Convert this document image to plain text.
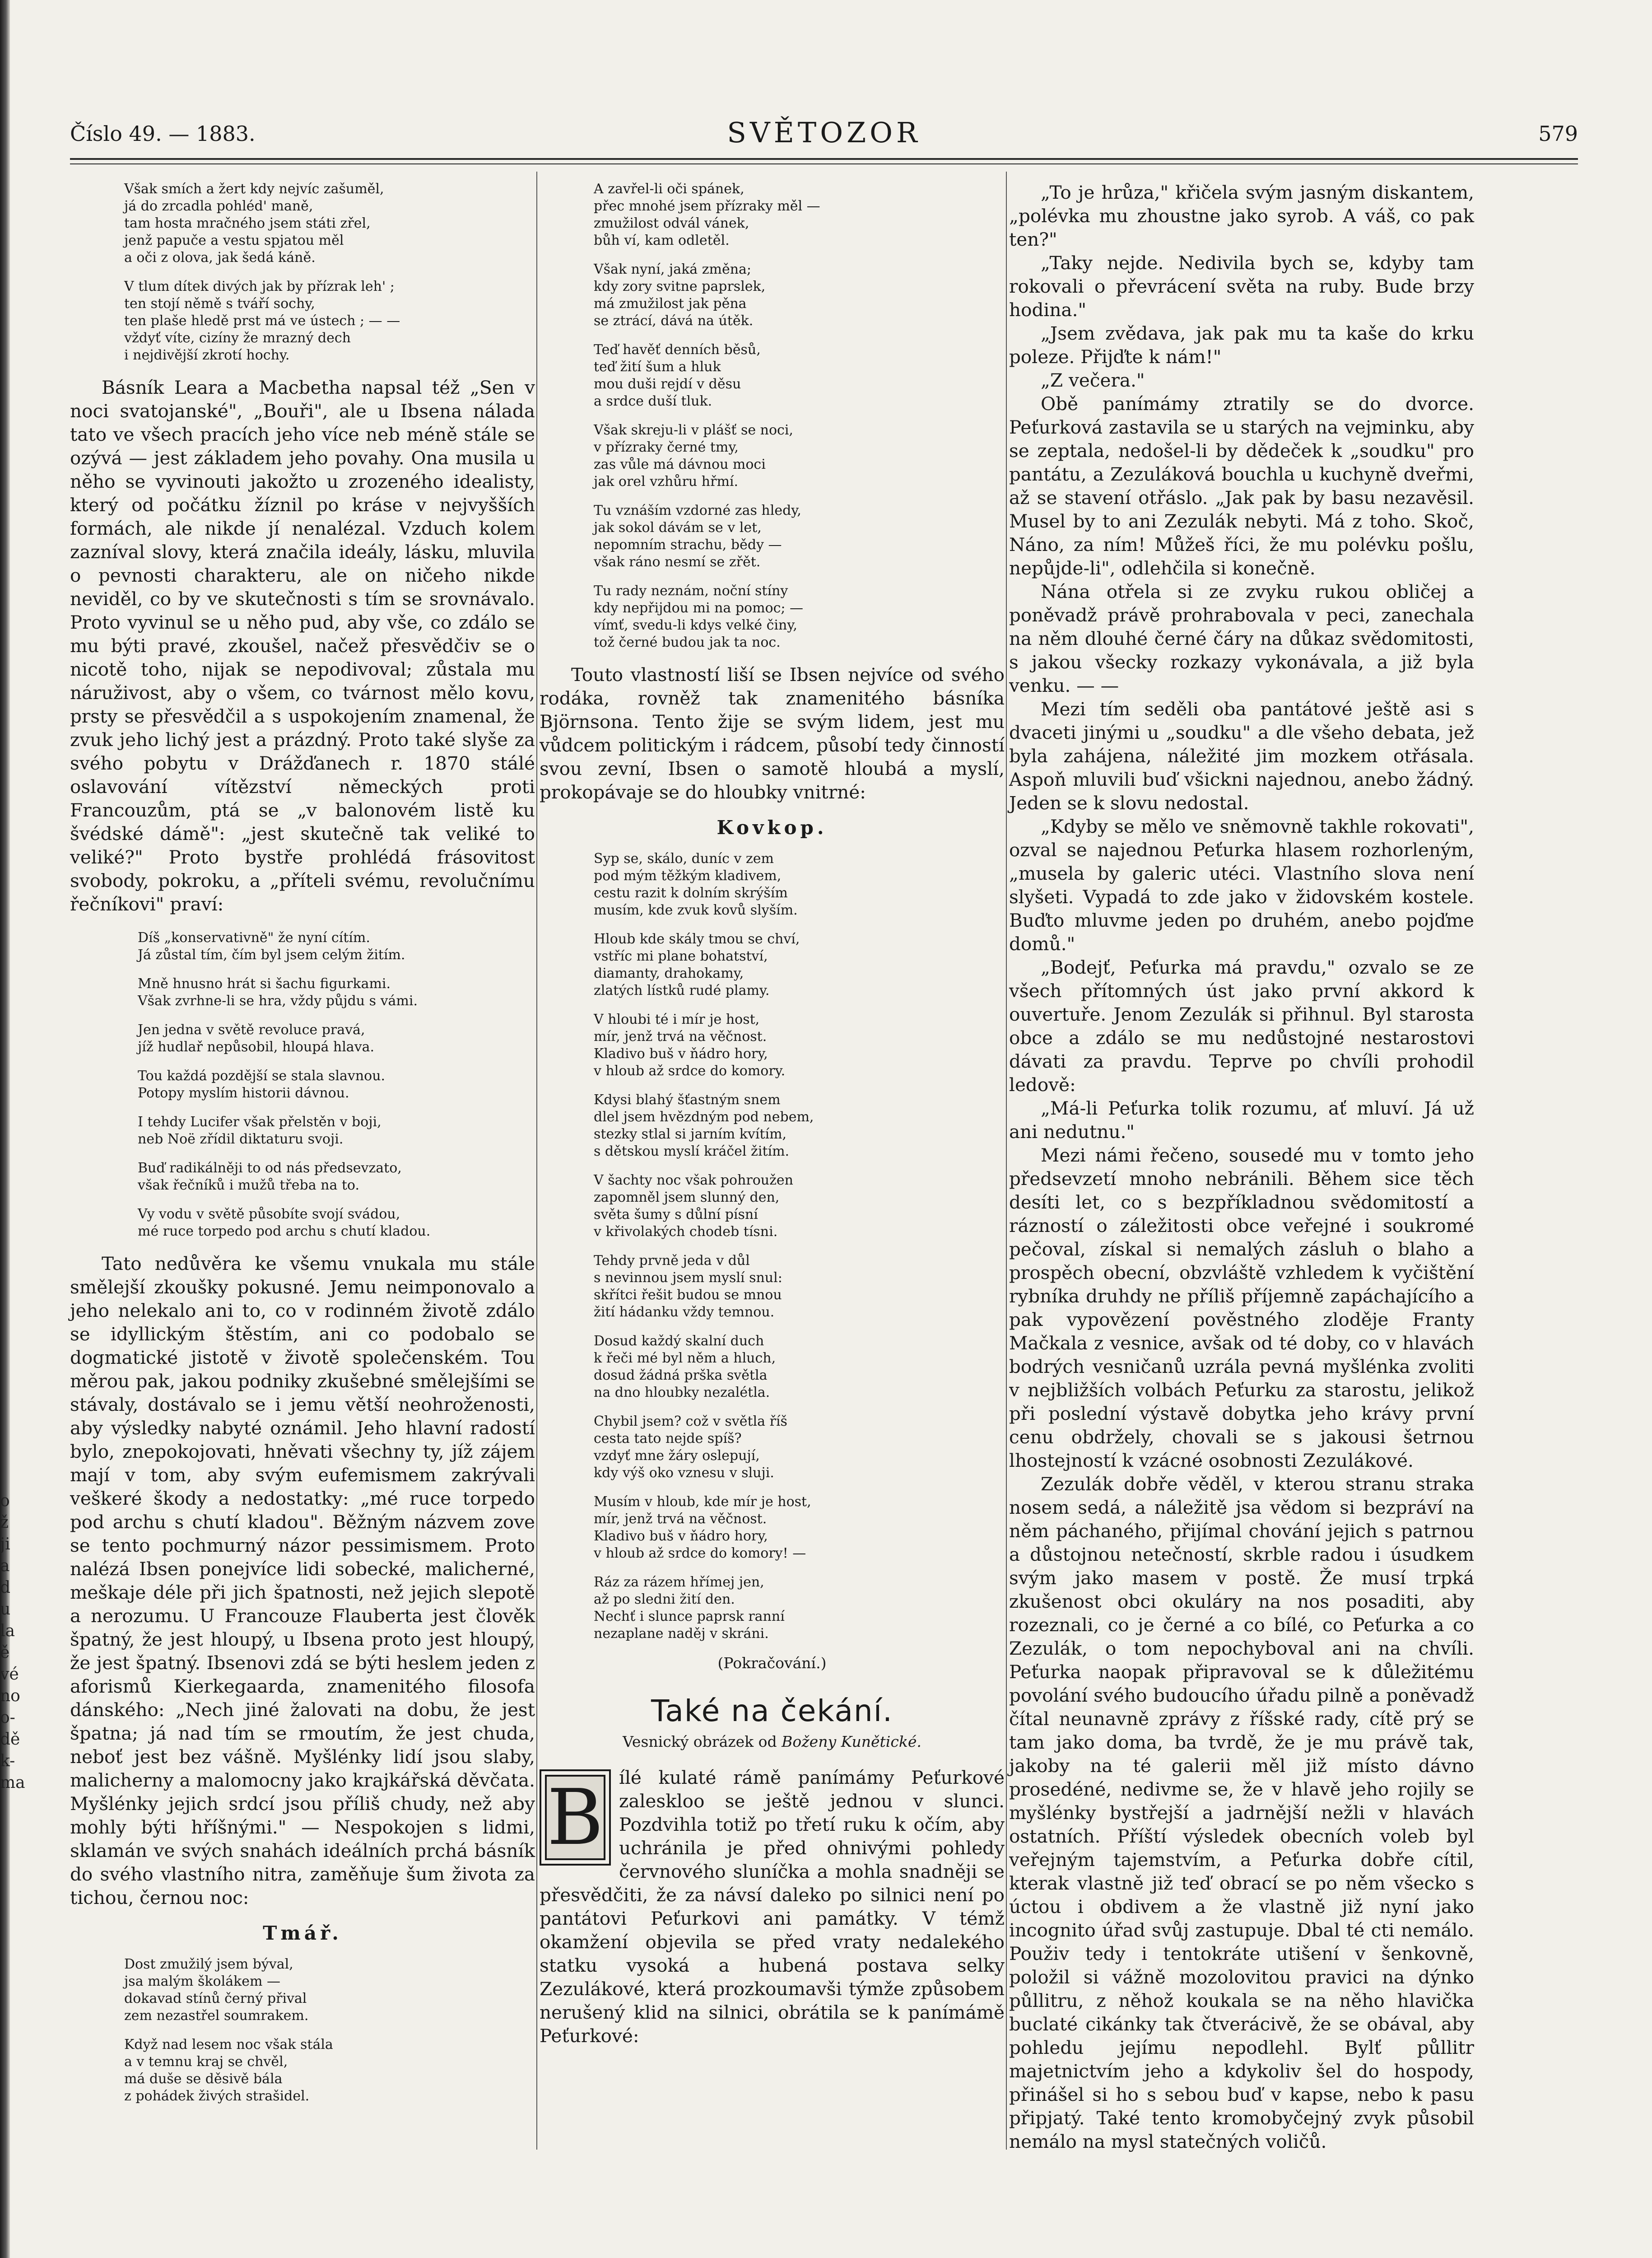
o
ž
ji
a
d
u
la
ě
vé
no
o-
dě
k-
ma
Číslo 49. — 1883.	SVĚTOZOR	579

Však smích a žert kdy nejvíc zašuměl,
já do zrcadla pohléd' maně,
tam hosta mračného jsem státi zřel,
jenž papuče a vestu spjatou měl
a oči z olova, jak šedá káně.

V tlum dítek divých jak by přízrak leh' ;
ten stojí němě s tváří sochy,
ten plaše hledě prst má ve ústech ; — —
vždyť víte, cizíny že mrazný dech
i nejdivější zkrotí hochy.

Básník Leara a Macbetha napsal též „Sen v noci svatojanské", „Bouři", ale u Ibsena nálada tato ve všech pracích jeho více neb méně stále se ozývá — jest základem jeho povahy. Ona musila u něho se vyvinouti jakožto u zrozeného idealisty, který od počátku žíznil po kráse v nejvyšších formách, ale nikde jí nenalézal. Vzduch kolem zazníval slovy, která značila ideály, lásku, mluvila o pevnosti charakteru, ale on ničeho nikde neviděl, co by ve skutečnosti s tím se srovnávalo. Proto vyvinul se u něho pud, aby vše, co zdálo se mu býti pravé, zkoušel, načež přesvědčiv se o nicotě toho, nijak se nepodivoval; zůstala mu náruživost, aby o všem, co tvárnost mělo kovu, prsty se přesvědčil a s uspokojením znamenal, že zvuk jeho lichý jest a prázdný. Proto také slyše za svého pobytu v Drážďanech r. 1870 stálé oslavování vítězství německých proti Francouzům, ptá se „v balonovém listě ku švédské dámě": „jest skutečně tak veliké to veliké?" Proto bystře prohlédá frásovitost svobody, pokroku, a „příteli svému, revolučnímu řečníkovi" praví:

Díš „konservativně" že nyní cítím.
Já zůstal tím, čím byl jsem celým žitím.

Mně hnusno hrát si šachu figurkami.
Však zvrhne-li se hra, vždy půjdu s vámi.

Jen jedna v světě revoluce pravá,
jíž hudlař nepůsobil, hloupá hlava.

Tou každá pozdější se stala slavnou.
Potopy myslím historii dávnou.

I tehdy Lucifer však přelstěn v boji,
neb Noë zřídil diktaturu svoji.

Buď radikálněji to od nás předsevzato,
však řečníků i mužů třeba na to.

Vy vodu v světě působíte svojí svádou,
mé ruce torpedo pod archu s chutí kladou.

Tato nedůvěra ke všemu vnukala mu stále smělejší zkoušky pokusné. Jemu neimponovalo a jeho nelekalo ani to, co v rodinném životě zdálo se idyllickým štěstím, ani co podobalo se dogmatické jistotě v životě společenském. Tou měrou pak, jakou podniky zkušebné smělejšími se stávaly, dostávalo se i jemu větší neohroženosti, aby výsledky nabyté oznámil. Jeho hlavní radostí bylo, znepokojovati, hněvati všechny ty, jíž zájem mají v tom, aby svým eufemismem zakrývali veškeré škody a nedostatky: „mé ruce torpedo pod archu s chutí kladou". Běžným názvem zove se tento pochmurný názor pessimismem. Proto nalézá Ibsen ponejvíce lidi sobecké, malicherné, meškaje déle při jich špatnosti, než jejich slepotě a nerozumu. U Francouze Flauberta jest člověk špatný, že jest hloupý, u Ibsena proto jest hloupý, že jest špatný. Ibsenovi zdá se býti heslem jeden z aforismů Kierkegaarda, znamenitého filosofa dánského: „Nech jiné žalovati na dobu, že jest špatna; já nad tím se rmoutím, že jest chuda, neboť jest bez vášně. Myšlénky lidí jsou slaby, malicherny a malomocny jako krajkářská děvčata. Myšlénky jejich srdcí jsou příliš chudy, než aby mohly býti hříšnými." — Nespokojen s lidmi, sklamán ve svých snahách ideálních prchá básník do svého vlastního nitra, zaměňuje šum života za tichou, černou noc:

Tmář.

Dost zmužilý jsem býval,
jsa malým školákem —
dokavad stínů černý přival
zem nezastřel soumrakem.

Když nad lesem noc však stála
a v temnu kraj se chvěl,
má duše se děsivě bála
z pohádek živých strašidel.

A zavřel-li oči spánek,
přec mnohé jsem přízraky měl —
zmužilost odvál vánek,
bůh ví, kam odletěl.

Však nyní, jaká změna;
kdy zory svitne paprslek,
má zmužilost jak pěna
se ztrácí, dává na útěk.

Teď havěť denních běsů,
teď žití šum a hluk
mou duši rejdí v děsu
a srdce duší tluk.

Však skreju-li v plášť se noci,
v přízraky černé tmy,
zas vůle má dávnou moci
jak orel vzhůru hřmí.

Tu vznáším vzdorné zas hledy,
jak sokol dávám se v let,
nepomním strachu, bědy —
však ráno nesmí se zřět.

Tu rady neznám, noční stíny
kdy nepřijdou mi na pomoc; —
vímť, svedu-li kdys velké činy,
tož černé budou jak ta noc.

Touto vlastností liší se Ibsen nejvíce od svého rodáka, rovněž tak znamenitého básníka Björnsona. Tento žije se svým lidem, jest mu vůdcem politickým i rádcem, působí tedy činností svou zevní, Ibsen o samotě hloubá a myslí, prokopávaje se do hloubky vnitrné:

Kovkop.

Syp se, skálo, duníc v zem
pod mým těžkým kladivem,
cestu razit k dolním skrýším
musím, kde zvuk kovů slyším.

Hloub kde skály tmou se chví,
vstříc mi plane bohatství,
diamanty, drahokamy,
zlatých lístků rudé plamy.

V hloubi té i mír je host,
mír, jenž trvá na věčnost.
Kladivo buš v ňádro hory,
v hloub až srdce do komory.

Kdysi blahý šťastným snem
dlel jsem hvězdným pod nebem,
stezky stlal si jarním kvítím,
s dětskou myslí kráčel žitím.

V šachty noc však pohroužen
zapomněl jsem slunný den,
světa šumy s důlní písní
v křivolakých chodeb tísni.

Tehdy prvně jeda v důl
s nevinnou jsem myslí snul:
skřítci řešit budou se mnou
žití hádanku vždy temnou.

Dosud každý skalní duch
k řeči mé byl něm a hluch,
dosud žádná prška světla
na dno hloubky nezalétla.

Chybil jsem? což v světla říš
cesta tato nejde spíš?
vzdyť mne žáry oslepují,
kdy výš oko vznesu v sluji.

Musím v hloub, kde mír je host,
mír, jenž trvá na věčnost.
Kladivo buš v ňádro hory,
v hloub až srdce do komory! —

Ráz za rázem hřímej jen,
až po sledni žití den.
Nechť i slunce paprsk ranní
nezaplane naděj v skráni.

(Pokračování.)
Také na čekání.
Vesnický obrázek od Boženy Kunětické.
B ílé kulaté rámě panímámy Peťurkové zaleskloo se ještě jednou v slunci. Pozdvihla totiž po třetí ruku k očím, aby uchránila je před ohnivými pohledy červnového sluníčka a mohla snadněji se přesvědčiti, že za návsí daleko po silnici není po pantátovi Peťurkovi ani památky. V témž okamžení objevila se před vraty nedalekého statku vysoká a hubená postava selky Zezulákové, která prozkoumavši týmže způsobem nerušený klid na silnici, obrátila se k panímámě Peťurkové:

„To je hrůza," křičela svým jasným diskantem, „polévka mu zhoustne jako syrob. A váš, co pak ten?"

„Taky nejde. Nedivila bych se, kdyby tam rokovali o převrácení světa na ruby. Bude brzy hodina."

„Jsem zvědava, jak pak mu ta kaše do krku poleze. Přijďte k nám!"

„Z večera."

Obě panímámy ztratily se do dvorce. Peťurková zastavila se u starých na vejminku, aby se zeptala, nedošel-li by dědeček k „soudku" pro pantátu, a Zezuláková bouchla u kuchyně dveřmi, až se stavení otřáslo. „Jak pak by basu nezavěsil. Musel by to ani Zezulák nebyti. Má z toho. Skoč, Náno, za ním! Můžeš říci, že mu polévku pošlu, nepůjde-li", odlehčila si konečně.

Nána otřela si ze zvyku rukou obličej a poněvadž právě prohrabovala v peci, zanechala na něm dlouhé černé čáry na důkaz svědomitosti, s jakou všecky rozkazy vykonávala, a již byla venku. — —

Mezi tím seděli oba pantátové ještě asi s dvaceti jinými u „soudku" a dle všeho debata, jež byla zahájena, náležité jim mozkem otřásala. Aspoň mluvili buď všickni najednou, anebo žádný. Jeden se k slovu nedostal.

„Kdyby se mělo ve sněmovně takhle rokovati", ozval se najednou Peťurka hlasem rozhorleným, „musela by galeric utéci. Vlastního slova není slyšeti. Vypadá to zde jako v židovském kostele. Buďto mluvme jeden po druhém, anebo pojďme domů."

„Bodejť, Peťurka má pravdu," ozvalo se ze všech přítomných úst jako první akkord k ouvertuře. Jenom Zezulák si přihnul. Byl starosta obce a zdálo se mu nedůstojné nestarostovi dávati za pravdu. Teprve po chvíli prohodil ledově:

„Má-li Peťurka tolik rozumu, ať mluví. Já už ani nedutnu."

Mezi námi řečeno, sousedé mu v tomto jeho předsevzetí mnoho nebránili. Během sice těch desíti let, co s bezpříkladnou svědomitostí a rázností o záležitosti obce veřejné i soukromé pečoval, získal si nemalých zásluh o blaho a prospěch obecní, obzvláště vzhledem k vyčištění rybníka druhdy ne příliš příjemně zapáchajícího a pak vypovězení pověstného zloděje Franty Mačkala z vesnice, avšak od té doby, co v hlavách bodrých vesničanů uzrála pevná myšlénka zvoliti v nejbližších volbách Peťurku za starostu, jelikož při poslední výstavě dobytka jeho krávy první cenu obdržely, chovali se s jakousi šetrnou lhostejností k vzácné osobnosti Zezulákové.

Zezulák dobře věděl, v kterou stranu straka nosem sedá, a náležitě jsa vědom si bezpráví na něm páchaného, přijímal chování jejich s patrnou a důstojnou netečností, skrble radou i úsudkem svým jako masem v postě. Že musí trpká zkušenost obci okuláry na nos posaditi, aby rozeznali, co je černé a co bílé, co Peťurka a co Zezulák, o tom nepochyboval ani na chvíli. Peťurka naopak připravoval se k důležitému povolání svého budoucího úřadu pilně a poněvadž čítal neunavně zprávy z říšské rady, cítě prý se tam jako doma, ba tvrdě, že je mu právě tak, jakoby na té galerii měl již místo dávno prosedéné, nedivme se, že v hlavě jeho rojily se myšlénky bystřejší a jadrnější nežli v hlavách ostatních. Příští výsledek obecních voleb byl veřejným tajemstvím, a Peťurka dobře cítil, kterak vlastně již teď obrací se po něm všecko s úctou i obdivem a že vlastně již nyní jako incognito úřad svůj zastupuje. Dbal té cti nemálo. Použiv tedy i tentokráte utišení v šenkovně, položil si vážně mozolovitou pravici na dýnko půllitru, z něhož koukala se na něho hlavička buclaté cikánky tak čtverácivě, že se obával, aby pohledu jejímu nepodlehl. Bylť půllitr majetnictvím jeho a kdykoliv šel do hospody, přinášel si ho s sebou buď v kapse, nebo k pasu připjatý. Také tento kromobyčejný zvyk působil nemálo na mysl statečných voličů.
